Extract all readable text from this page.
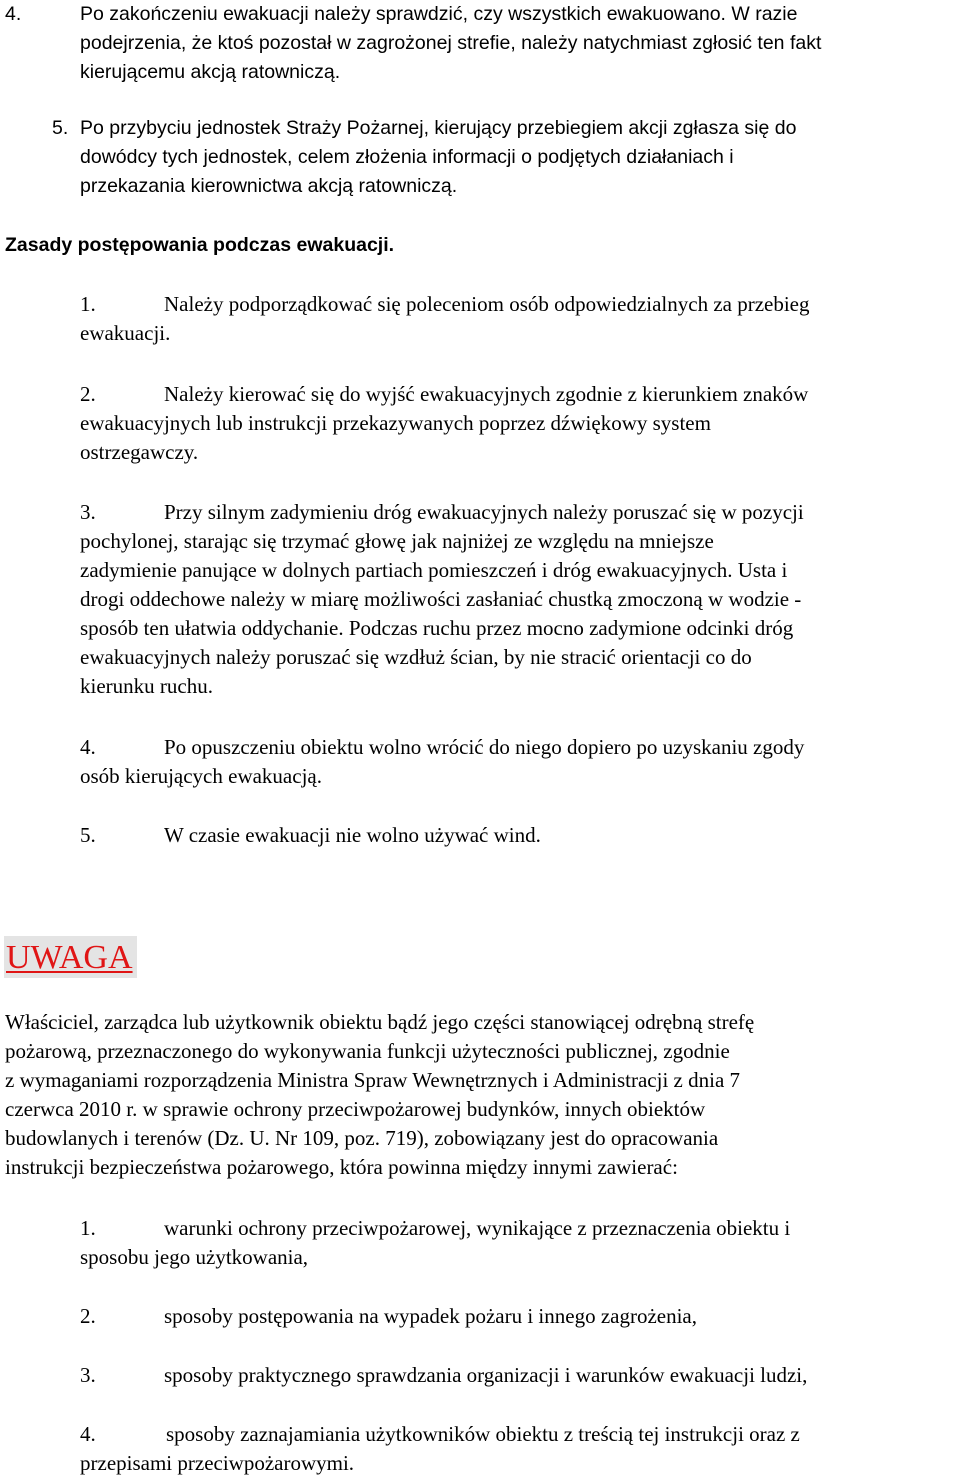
4.	Po zakończeniu ewakuacji należy sprawdzić, czy wszystkich ewakuowano. W razie
podejrzenia, że ktoś pozostał w zagrożonej strefie, należy natychmiast zgłosić ten fakt
kierującemu akcją ratowniczą.
5. Po przybyciu jednostek Straży Pożarnej, kierujący przebiegiem akcji zgłasza się do
dowódcy tych jednostek, celem złożenia informacji o podjętych działaniach i
przekazania kierownictwa akcją ratowniczą.
Zasady postępowania podczas ewakuacji.
1.	Należy podporządkować się poleceniom osób odpowiedzialnych za przebieg
ewakuacji.
2.	Należy kierować się do wyjść ewakuacyjnych zgodnie z kierunkiem znaków
ewakuacyjnych lub instrukcji przekazywanych poprzez dźwiękowy system
ostrzegawczy.
3.	Przy silnym zadymieniu dróg ewakuacyjnych należy poruszać się w pozycji
pochylonej, starając się trzymać głowę jak najniżej ze względu na mniejsze
zadymienie panujące w dolnych partiach pomieszczeń i dróg ewakuacyjnych. Usta i
drogi oddechowe należy w miarę możliwości zasłaniać chustką zmoczoną w wodzie -
sposób ten ułatwia oddychanie. Podczas ruchu przez mocno zadymione odcinki dróg
ewakuacyjnych należy poruszać się wzdłuż ścian, by nie stracić orientacji co do
kierunku ruchu.
4.	Po opuszczeniu obiektu wolno wrócić do niego dopiero po uzyskaniu zgody
osób kierujących ewakuacją.
5.	W czasie ewakuacji nie wolno używać wind.
UWAGA
Właściciel, zarządca lub użytkownik obiektu bądź jego części stanowiącej odrębną strefę
pożarową, przeznaczonego do wykonywania funkcji użyteczności publicznej, zgodnie
z wymaganiami rozporządzenia Ministra Spraw Wewnętrznych i Administracji z dnia 7
czerwca 2010 r. w sprawie ochrony przeciwpożarowej budynków, innych obiektów
budowlanych i terenów (Dz. U. Nr 109, poz. 719), zobowiązany jest do opracowania
instrukcji bezpieczeństwa pożarowego, która powinna między innymi zawierać:
1.	warunki ochrony przeciwpożarowej, wynikające z przeznaczenia obiektu i
sposobu jego użytkowania,
2.	sposoby postępowania na wypadek pożaru i innego zagrożenia,
3.	sposoby praktycznego sprawdzania organizacji i warunków ewakuacji ludzi,
4.	sposoby zaznajamiania użytkowników obiektu z treścią tej instrukcji oraz z
przepisami przeciwpożarowymi.
